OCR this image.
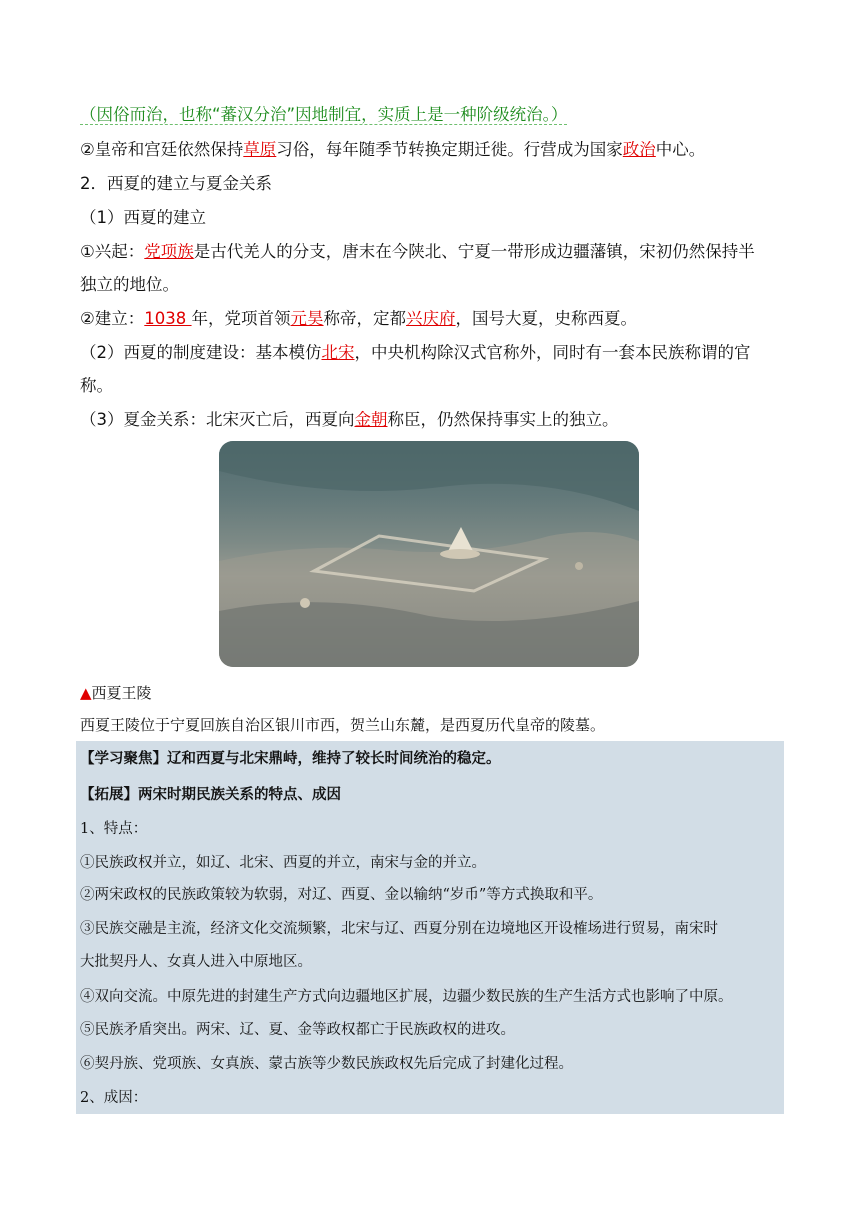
（因俗而治，也称“蕃汉分治”因地制宜，实质上是一种阶级统治。）
②皇帝和宫廷依然保持草原习俗，每年随季节转换定期迁徙。行营成为国家政治中心。
2．西夏的建立与夏金关系
（1）西夏的建立
①兴起：党项族是古代羌人的分支，唐末在今陕北、宁夏一带形成边疆藩镇，宋初仍然保持半
独立的地位。
②建立：1038 年，党项首领元昊称帝，定都兴庆府，国号大夏，史称西夏。
（2）西夏的制度建设：基本模仿北宋，中央机构除汉式官称外，同时有一套本民族称谓的官
称。
（3）夏金关系：北宋灭亡后，西夏向金朝称臣，仍然保持事实上的独立。
▲西夏王陵
西夏王陵位于宁夏回族自治区银川市西，贺兰山东麓，是西夏历代皇帝的陵墓。
【学习聚焦】辽和西夏与北宋鼎峙，维持了较长时间统治的稳定。
【拓展】两宋时期民族关系的特点、成因
1、特点：
①民族政权并立，如辽、北宋、西夏的并立，南宋与金的并立。
②两宋政权的民族政策较为软弱，对辽、西夏、金以输纳“岁币”等方式换取和平。
③民族交融是主流，经济文化交流频繁，北宋与辽、西夏分别在边境地区开设榷场进行贸易，南宋时
大批契丹人、女真人进入中原地区。
④双向交流。中原先进的封建生产方式向边疆地区扩展，边疆少数民族的生产生活方式也影响了中原。
⑤民族矛盾突出。两宋、辽、夏、金等政权都亡于民族政权的进攻。
⑥契丹族、党项族、女真族、蒙古族等少数民族政权先后完成了封建化过程。
2、成因：
